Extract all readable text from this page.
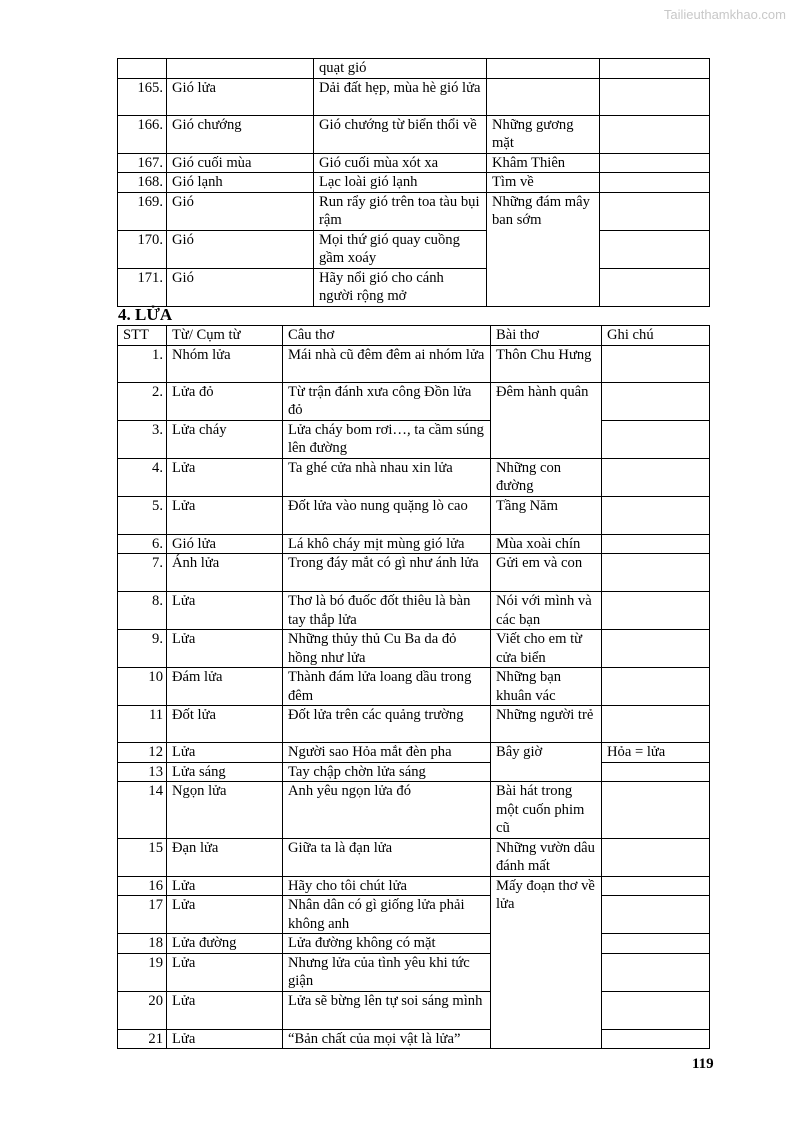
Tailieuthamkhao.com
		quạt gió		
165.	Gió lửa	Dải đất hẹp, mùa hè gió lửa		
166.	Gió chướng	Gió chướng từ biển thổi về	Những gương mặt	
167.	Gió cuối mùa	Gió cuối mùa xót xa	Khâm Thiên	
168.	Gió lạnh	Lạc loài gió lạnh	Tìm về	
169.	Gió	Run rẩy gió trên toa tàu bụi rậm	Những đám mây ban sớm	
170.	Gió	Mọi thứ gió quay cuồng gầm xoáy		
171.	Gió	Hãy nổi gió cho cánh người rộng mở		
4. LỬA
STT	Từ/ Cụm từ	Câu thơ	Bài thơ	Ghi chú
1.	Nhóm lửa	Mái nhà cũ đêm đêm ai nhóm lửa	Thôn Chu Hưng	
2.	Lửa đỏ	Từ trận đánh xưa công Đồn lửa đỏ	Đêm hành quân	
3.	Lửa cháy	Lửa cháy bom rơi…, ta cầm súng lên đường		
4.	Lửa	Ta ghé cửa nhà nhau xin lửa	Những con đường	
5.	Lửa	Đốt lửa vào nung quặng lò cao	Tầng Năm	
6.	Gió lửa	Lá khô cháy mịt mùng gió lửa	Mùa xoài chín	
7.	Ánh lửa	Trong đáy mắt có gì như ánh lửa	Gửi em và con	
8.	Lửa	Thơ là bó đuốc đốt thiêu là bàn tay thắp lửa	Nói với mình và các bạn	
9.	Lửa	Những thủy thủ Cu Ba da đỏ hồng như lửa	Viết cho em từ cửa biển	
10	Đám lửa	Thành đám lửa loang dầu trong đêm	Những bạn khuân vác	
11	Đốt lửa	Đốt lửa trên các quảng trường	Những người trẻ	
12	Lửa	Người sao Hỏa mắt đèn pha	Bây giờ	Hỏa = lửa
13	Lửa sáng	Tay chập chờn lửa sáng		
14	Ngọn lửa	Anh yêu ngọn lửa đó	Bài hát trong một cuốn phim cũ	
15	Đạn lửa	Giữa ta là đạn lửa	Những vườn dâu đánh mất	
16	Lửa	Hãy cho tôi chút lửa	Mấy đoạn thơ về lửa	
17	Lửa	Nhân dân có gì giống lửa phải không anh		
18	Lửa đường	Lửa đường không có mặt		
19	Lửa	Nhưng lửa của tình yêu khi tức giận		
20	Lửa	Lửa sẽ bừng lên tự soi sáng mình		
21	Lửa	“Bản chất của mọi vật là lửa”		
119
